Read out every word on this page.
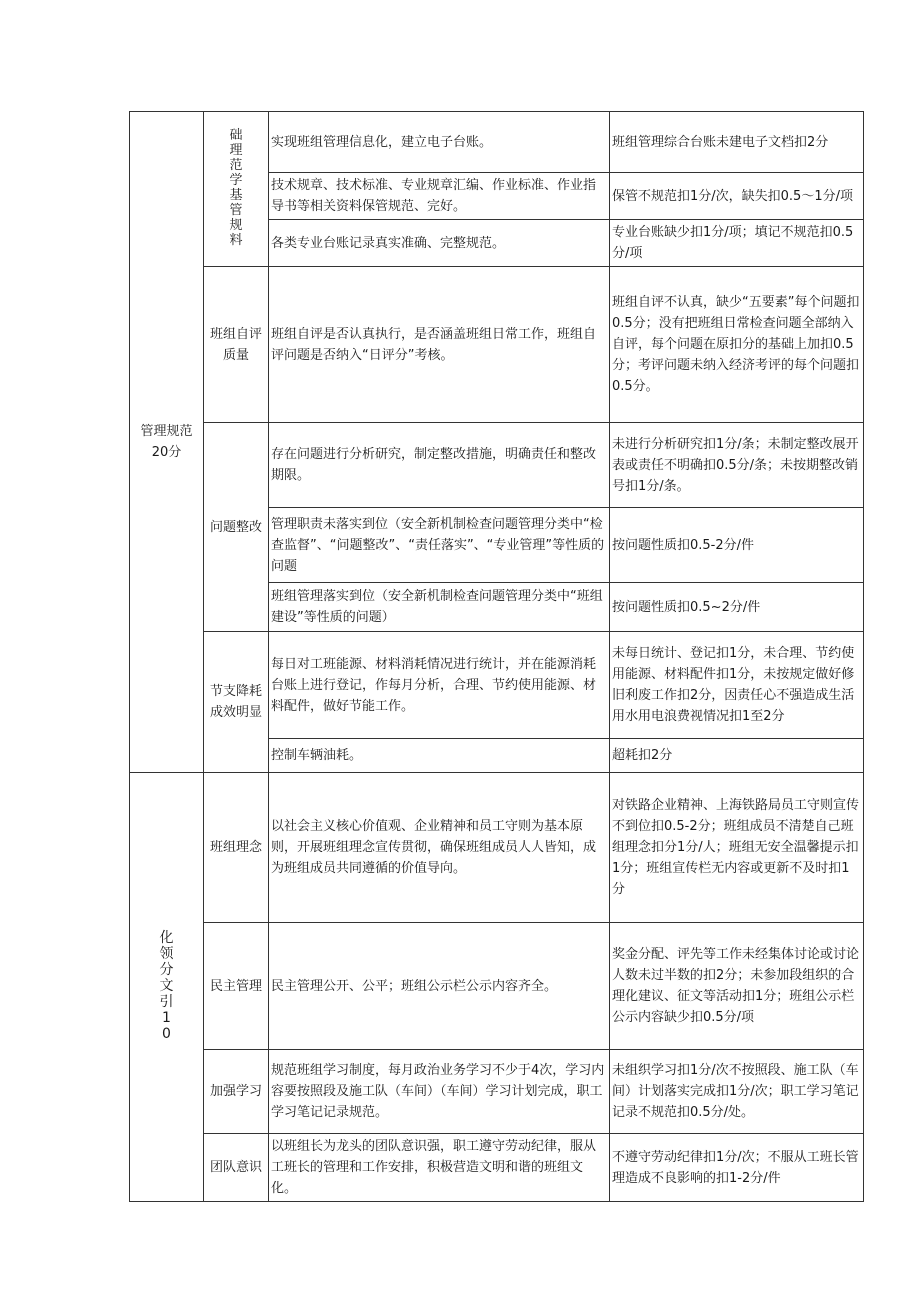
管理规范
20分	础理范学基管规料	实现班组管理信息化，建立电子台账。	班组管理综合台账未建电子文档扣2分
		技术规章、技术标准、专业规章汇编、作业标准、作业指导书等相关资料保管规范、完好。	保管不规范扣1分/次，缺失扣0.5～1分/项
		各类专业台账记录真实准确、完整规范。	专业台账缺少扣1分/项；填记不规范扣0.5分/项
	班组自评质量	班组自评是否认真执行，是否涵盖班组日常工作，班组自评问题是否纳入“日评分”考核。	班组自评不认真，缺少“五要素”每个问题扣0.5分；没有把班组日常检查问题全部纳入自评，每个问题在原扣分的基础上加扣0.5分；考评问题未纳入经济考评的每个问题扣0.5分。
	问题整改	存在问题进行分析研究，制定整改措施，明确责任和整改期限。	未进行分析研究扣1分/条；未制定整改展开表或责任不明确扣0.5分/条；未按期整改销号扣1分/条。
		管理职责未落实到位（安全新机制检查问题管理分类中“检查监督”、“问题整改”、“责任落实”、“专业管理”等性质的问题	按问题性质扣0.5-2分/件
		班组管理落实到位（安全新机制检查问题管理分类中“班组建设”等性质的问题）	按问题性质扣0.5~2分/件
	节支降耗成效明显	每日对工班能源、材料消耗情况进行统计，并在能源消耗台账上进行登记，作每月分析，合理、节约使用能源、材料配件，做好节能工作。	未每日统计、登记扣1分，未合理、节约使用能源、材料配件扣1分，未按规定做好修旧利废工作扣2分，因责任心不强造成生活用水用电浪费视情况扣1至2分
		控制车辆油耗。	超耗扣2分

化领分文引10	班组理念	以社会主义核心价值观、企业精神和员工守则为基本原则，开展班组理念宣传贯彻，确保班组成员人人皆知，成为班组成员共同遵循的价值导向。	对铁路企业精神、上海铁路局员工守则宣传不到位扣0.5-2分；班组成员不清楚自己班组理念扣分1分/人；班组无安全温馨提示扣1分；班组宣传栏无内容或更新不及时扣1分
	民主管理	民主管理公开、公平；班组公示栏公示内容齐全。	奖金分配、评先等工作未经集体讨论或讨论人数未过半数的扣2分；未参加段组织的合理化建议、征文等活动扣1分；班组公示栏公示内容缺少扣0.5分/项
	加强学习	规范班组学习制度，每月政治业务学习不少于4次，学习内容要按照段及施工队（车间）（车间）学习计划完成，职工学习笔记记录规范。	未组织学习扣1分/次不按照段、施工队（车间）计划落实完成扣1分/次；职工学习笔记记录不规范扣0.5分/处。
	团队意识	以班组长为龙头的团队意识强，职工遵守劳动纪律，服从工班长的管理和工作安排，积极营造文明和谐的班组文化。	不遵守劳动纪律扣1分/次；不服从工班长管理造成不良影响的扣1-2分/件
